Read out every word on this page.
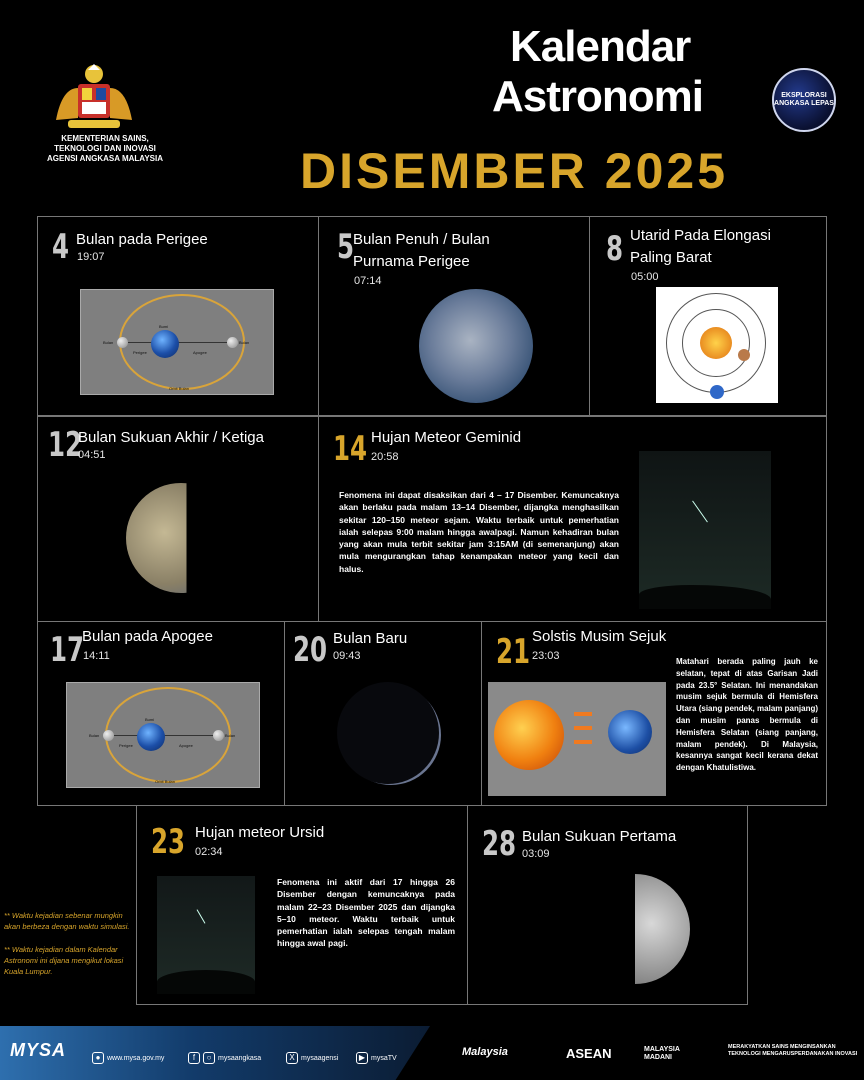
KEMENTERIAN SAINS,
TEKNOLOGI DAN INOVASI
AGENSI ANGKASA MALAYSIA
Kalendar
Astronomi
DISEMBER 2025
EKSPLORASI ANGKASA LEPAS
4 Bulan pada Perigee
19:07
Bumi
Bulan
Perigee	Apogee
Bulan
Orbit Bulan
5
Bulan Penuh / Bulan Purnama Perigee
07:14
8 Utarid Pada Elongasi Paling Barat
05:00
12
Bulan Sukuan Akhir / Ketiga
04:51	14 Hujan Meteor Geminid
20:58
Fenomena ini dapat disaksikan dari 4 – 17 Disember. Kemuncaknya akan berlaku pada malam 13–14 Disember, dijangka menghasilkan sekitar 120–150 meteor sejam. Waktu terbaik untuk pemerhatian ialah selepas 9:00 malam hingga awalpagi. Namun kehadiran bulan yang akan mula terbit sekitar jam 3:15AM (di semenanjung) akan mula mengurangkan tahap kenampakan meteor yang kecil dan halus.
17
Bulan pada Apogee
14:11
Bumi
Bulan
Perigee	Apogee
Bulan
Orbit Bulan
20 Bulan Baru
09:43	21 Solstis Musim Sejuk
23:03	Matahari berada paling jauh ke selatan, tepat di atas Garisan Jadi pada 23.5° Selatan. Ini menandakan musim sejuk bermula di Hemisfera Utara (siang pendek, malam panjang) dan musim panas bermula di Hemisfera Selatan (siang panjang, malam pendek). Di Malaysia, kesannya sangat kecil kerana dekat dengan Khatulistiwa.
23 Hujan meteor Ursid
02:34
Fenomena ini aktif dari 17 hingga 26 Disember dengan kemuncaknya pada malam 22–23 Disember 2025 dan dijangka 5–10 meteor. Waktu terbaik untuk pemerhatian ialah selepas tengah malam hingga awal pagi.
28 Bulan Sukuan Pertama
03:09
** Waktu kejadian sebenar mungkin akan berbeza dengan waktu simulasi.
** Waktu kejadian dalam Kalendar Astronomi ini dijana mengikut lokasi Kuala Lumpur.
MYSA	● www.mysa.gov.my	f ○ mysaangkasa	X mysaagensi	▶ mysaTV
Malaysia	ASEAN	MALAYSIA MADANI
MERAKYATKAN SAINS MENGINSANKAN TEKNOLOGI MENGARUSPERDANAKAN INOVASI
